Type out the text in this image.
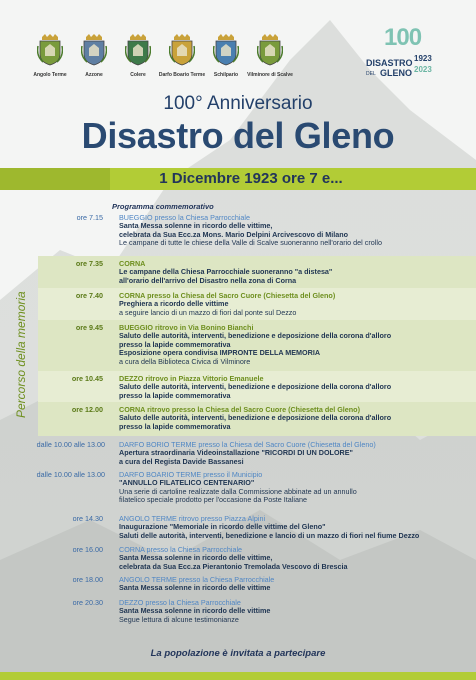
Angolo Terme	Azzone	Colere	Darfo Boario Terme Schilpario Vilminore di Scalve
100
DISASTRO
DEL GLENO
1923
2023
100° Anniversario
Disastro del Gleno
1 Dicembre 1923 ore 7 e...
Programma commemorativo
Percorso della memoria
ore 7.15 BUEGGIO presso la Chiesa Parrocchiale
Santa Messa solenne in ricordo delle vittime,
celebrata da Sua Ecc.za Mons. Mario Delpini Arcivescovo di Milano
Le campane di tutte le chiese della Valle di Scalve suoneranno nell'orario del crollo
ore 7.35 CORNA
Le campane della Chiesa Parrocchiale suoneranno "a distesa"
all'orario dell'arrivo del Disastro nella zona di Corna
ore 7.40 CORNA presso la Chiesa del Sacro Cuore (Chiesetta del Gleno)
Preghiera a ricordo delle vittime
a seguire lancio di un mazzo di fiori dal ponte sul Dezzo
ore 9.45 BUEGGIO ritrovo in Via Bonino Bianchi
Saluto delle autorità, interventi, benedizione e deposizione della corona d'alloro
presso la lapide commemorativa
Esposizione opera condivisa IMPRONTE DELLA MEMORIA
a cura della Biblioteca Civica di Vilminore
ore 10.45 DEZZO ritrovo in Piazza Vittorio Emanuele
Saluto delle autorità, interventi, benedizione e deposizione della corona d'alloro
presso la lapide commemorativa
ore 12.00 CORNA ritrovo presso la Chiesa del Sacro Cuore (Chiesetta del Gleno)
Saluto delle autorità, interventi, benedizione e deposizione della corona d'alloro
presso la lapide commemorativa
dalle 10.00 alle 13.00 DARFO BORIO TERME presso la Chiesa del Sacro Cuore (Chiesetta del Gleno)
Apertura straordinaria Videoinstallazione "RICORDI DI UN DOLORE"
a cura del Regista Davide Bassanesi
dalle 10.00 alle 13.00 DARFO BOARIO TERME presso il Municipio
"ANNULLO FILATELICO CENTENARIO"
Una serie di cartoline realizzate dalla Commissione abbinate ad un annullo
filatelico speciale prodotto per l'occasione da Poste Italiane
ore 14.30 ANGOLO TERME ritrovo presso Piazza Alpini
Inaugurazione "Memoriale in ricordo delle vittime del Gleno"
Saluti delle autorità, interventi, benedizione e lancio di un mazzo di fiori nel fiume Dezzo
ore 16.00 CORNA presso la Chiesa Parrocchiale
Santa Messa solenne in ricordo delle vittime,
celebrata da Sua Ecc.za Pierantonio Tremolada Vescovo di Brescia
ore 18.00 ANGOLO TERME presso la Chiesa Parrocchiale
Santa Messa solenne in ricordo delle vittime
ore 20.30 DEZZO presso la Chiesa Parrocchiale
Santa Messa solenne in ricordo delle vittime
Segue lettura di alcune testimonianze
La popolazione è invitata a partecipare
